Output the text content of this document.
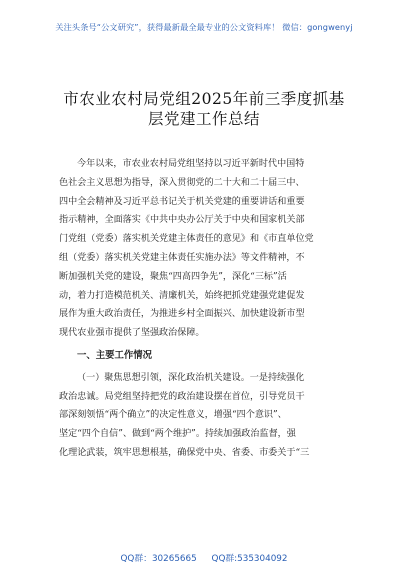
关注头条号“公文研究”，获得最新最全最专业的公文资料库！ 微信：gongwenyj
市农业农村局党组2025年前三季度抓基
层党建工作总结
今年以来，市农业农村局党组坚持以习近平新时代中国特
色社会主义思想为指导，深入贯彻党的二十大和二十届三中、
四中全会精神及习近平总书记关于机关党建的重要讲话和重要
指示精神，全面落实《中共中央办公厅关于中央和国家机关部
门党组（党委）落实机关党建主体责任的意见》和《市直单位党
组（党委）落实机关党建主体责任实施办法》等文件精神，不
断加强机关党的建设，聚焦“四高四争先”，深化“三标”活
动，着力打造模范机关、清廉机关，始终把抓党建强党建促发
展作为重大政治责任，为推进乡村全面振兴、加快建设新市型
现代农业强市提供了坚强政治保障。
一、主要工作情况
（一）聚焦思想引领，深化政治机关建设。一是持续强化
政治忠诚。局党组坚持把党的政治建设摆在首位，引导党员干
部深刻领悟“两个确立”的决定性意义，增强“四个意识”、
坚定“四个自信”、做到“两个维护”。持续加强政治监督，强
化理论武装，筑牢思想根基，确保党中央、省委、市委关于“三
QQ群：30265665 QQ群:535304092
